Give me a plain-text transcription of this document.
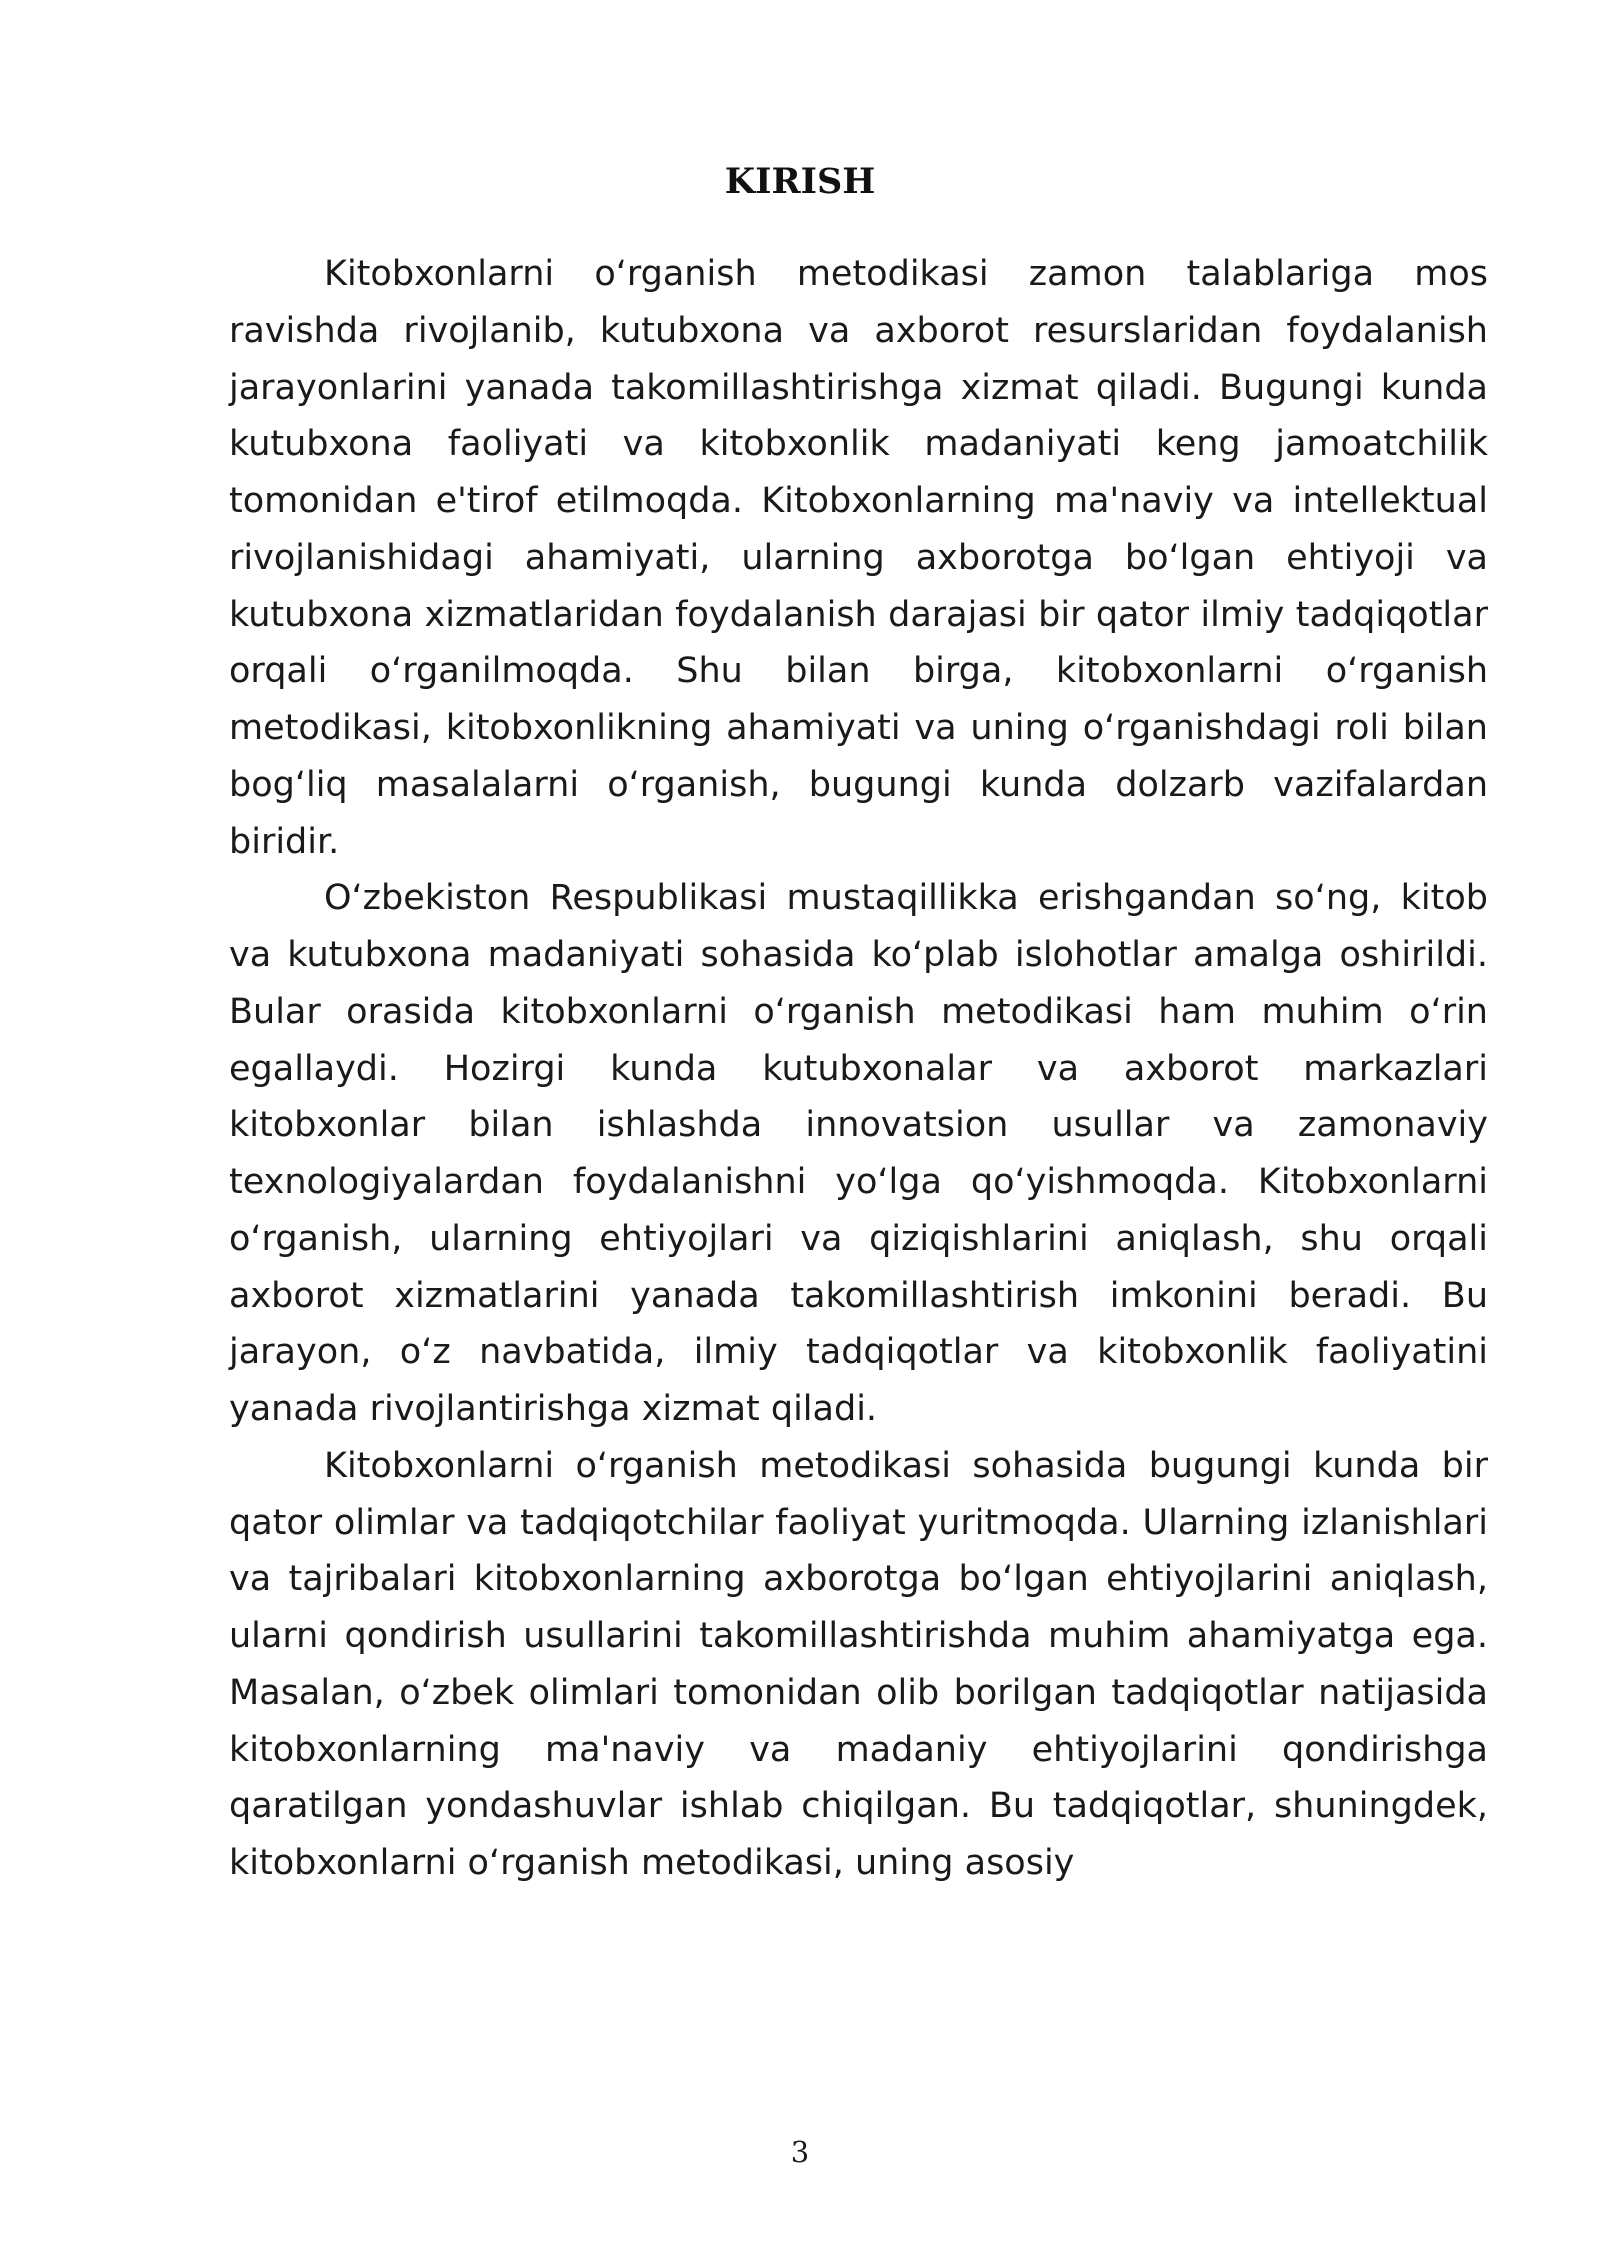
KIRISH

Kitobxonlarni o‘rganish metodikasi zamon talablariga mos ravishda rivojlanib, kutubxona va axborot resurslaridan foydalanish jarayonlarini yanada takomillashtirishga xizmat qiladi. Bugungi kunda kutubxona faoliyati va kitobxonlik madaniyati keng jamoatchilik tomonidan e'tirof etilmoqda. Kitobxonlarning ma'naviy va intellektual rivojlanishidagi ahamiyati, ularning axborotga bo‘lgan ehtiyoji va kutubxona xizmatlaridan foydalanish darajasi bir qator ilmiy tadqiqotlar orqali o‘rganilmoqda. Shu bilan birga, kitobxonlarni o‘rganish metodikasi, kitobxonlikning ahamiyati va uning o‘rganishdagi roli bilan bog‘liq masalalarni o‘rganish, bugungi kunda dolzarb vazifalardan biridir.

O‘zbekiston Respublikasi mustaqillikka erishgandan so‘ng, kitob va kutubxona madaniyati sohasida ko‘plab islohotlar amalga oshirildi. Bular orasida kitobxonlarni o‘rganish metodikasi ham muhim o‘rin egallaydi. Hozirgi kunda kutubxonalar va axborot markazlari kitobxonlar bilan ishlashda innovatsion usullar va zamonaviy texnologiyalardan foydalanishni yo‘lga qo‘yishmoqda. Kitobxonlarni o‘rganish, ularning ehtiyojlari va qiziqishlarini aniqlash, shu orqali axborot xizmatlarini yanada takomillashtirish imkonini beradi. Bu jarayon, o‘z navbatida, ilmiy tadqiqotlar va kitobxonlik faoliyatini yanada rivojlantirishga xizmat qiladi.

Kitobxonlarni o‘rganish metodikasi sohasida bugungi kunda bir qator olimlar va tadqiqotchilar faoliyat yuritmoqda. Ularning izlanishlari va tajribalari kitobxonlarning axborotga bo‘lgan ehtiyojlarini aniqlash, ularni qondirish usullarini takomillashtirishda muhim ahamiyatga ega. Masalan, o‘zbek olimlari tomonidan olib borilgan tadqiqotlar natijasida kitobxonlarning ma'naviy va madaniy ehtiyojlarini qondirishga qaratilgan yondashuvlar ishlab chiqilgan. Bu tadqiqotlar, shuningdek, kitobxonlarni o‘rganish metodikasi, uning asosiy

3
